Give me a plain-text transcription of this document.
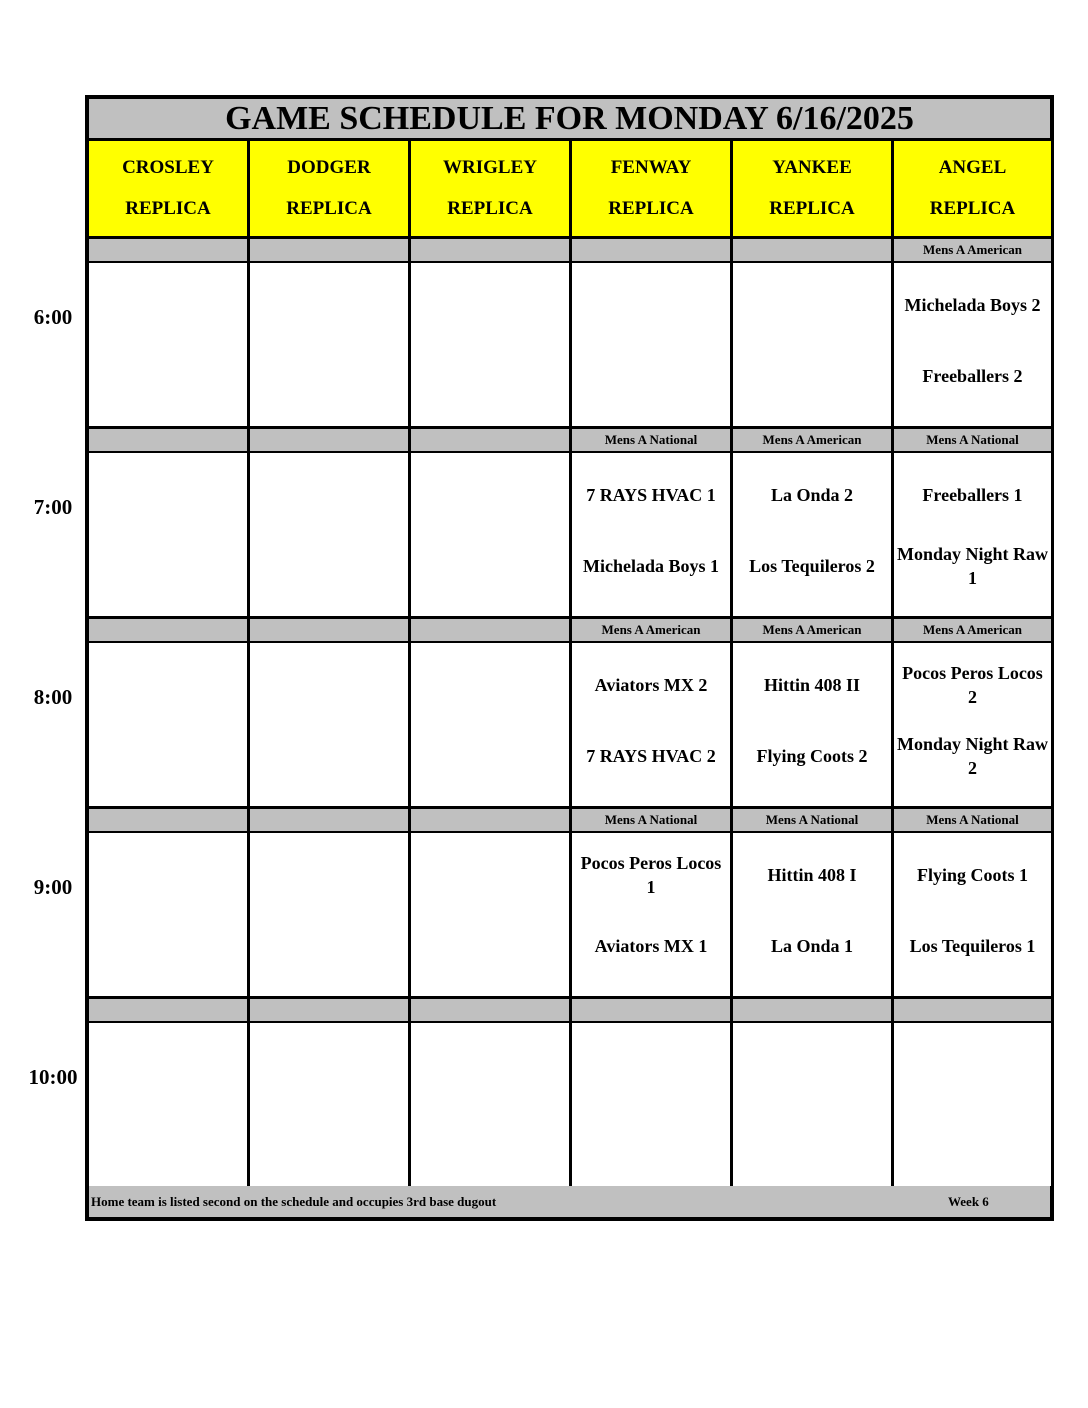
GAME SCHEDULE FOR MONDAY 6/16/2025
CROSLEY
REPLICA
DODGER
REPLICA
WRIGLEY
REPLICA
FENWAY
REPLICA
YANKEE
REPLICA
ANGEL
REPLICA
6:00
Mens A American
Michelada Boys 2
Freeballers 2
7:00
Mens A National
7 RAYS HVAC 1
Michelada Boys 1
Mens A American
La Onda 2
Los Tequileros 2
Mens A National
Freeballers 1
Monday Night Raw 1
8:00
Mens A American
Aviators MX 2
7 RAYS HVAC 2
Mens A American
Hittin 408 II
Flying Coots 2
Mens A American
Pocos Peros Locos 2
Monday Night Raw 2
9:00
Mens A National
Pocos Peros Locos 1
Aviators MX 1
Mens A National
Hittin 408 I
La Onda 1
Mens A National
Flying Coots 1
Los Tequileros 1
10:00
Home team is listed second on the schedule and occupies 3rd base dugout	Week 6
